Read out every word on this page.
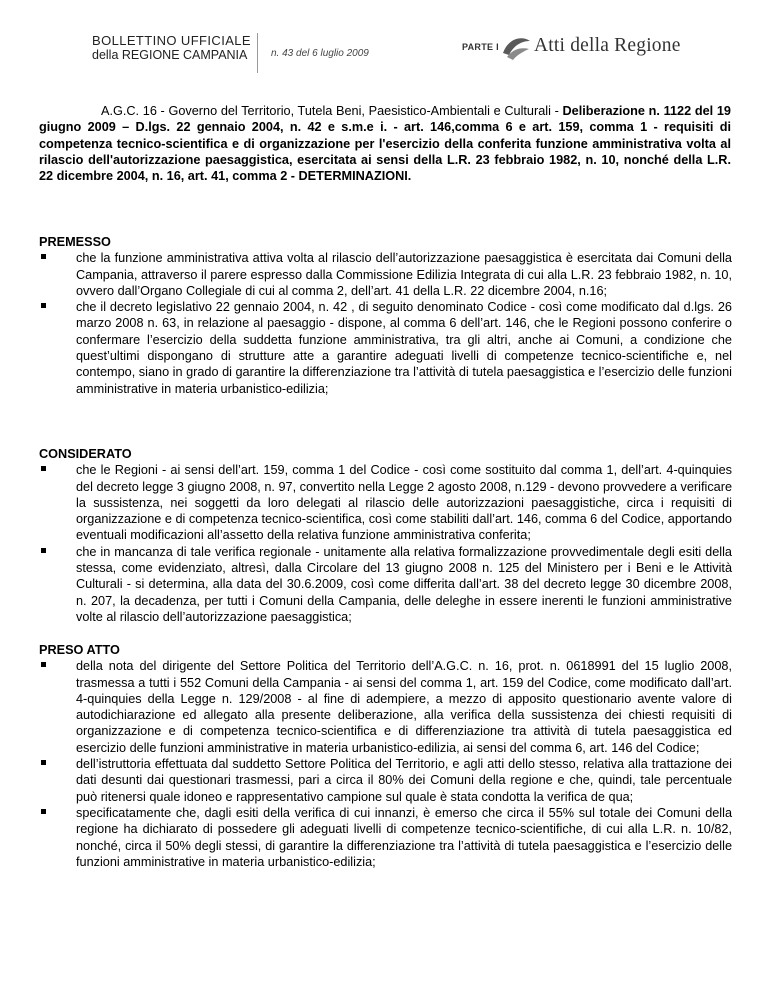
BOLLETTINO UFFICIALE
della REGIONE CAMPANIA	n. 43 del 6 luglio 2009
PARTE I Atti della Regione
A.G.C. 16 - Governo del Territorio, Tutela Beni, Paesistico-Ambientali e Culturali - Deliberazione n. 1122 del 19 giugno 2009 – D.lgs. 22 gennaio 2004, n. 42 e s.m.e i. - art. 146,comma 6 e art. 159, comma 1 - requisiti di competenza tecnico-scientifica e di organizzazione per l'esercizio della conferita funzione amministrativa volta al rilascio dell'autorizzazione paesaggistica, esercitata ai sensi della L.R. 23 febbraio 1982, n. 10, nonché della L.R. 22 dicembre 2004, n. 16, art. 41, comma 2 - DETERMINAZIONI.
PREMESSO
che la funzione amministrativa attiva volta al rilascio dell’autorizzazione paesaggistica è esercitata dai Comuni della Campania, attraverso il parere espresso dalla Commissione Edilizia Integrata di cui alla L.R. 23 febbraio 1982, n. 10, ovvero dall’Organo Collegiale di cui al comma 2, dell’art. 41 della L.R. 22 dicembre 2004, n.16;
che il decreto legislativo 22 gennaio 2004, n. 42 , di seguito denominato Codice - così come modificato dal d.lgs. 26 marzo 2008 n. 63, in relazione al paesaggio - dispone, al comma 6 dell’art. 146, che le Regioni possono conferire o confermare l’esercizio della suddetta funzione amministrativa, tra gli altri, anche ai Comuni, a condizione che quest’ultimi dispongano di strutture atte a garantire adeguati livelli di competenze tecnico-scientifiche e, nel contempo, siano in grado di garantire la differenziazione tra l’attività di tutela paesaggistica e l’esercizio delle funzioni amministrative in materia urbanistico-edilizia;
CONSIDERATO
che le Regioni - ai sensi dell’art. 159, comma 1 del Codice - così come sostituito dal comma 1, dell’art. 4-quinquies del decreto legge 3 giugno 2008, n. 97, convertito nella Legge 2 agosto 2008, n.129 - devono provvedere a verificare la sussistenza, nei soggetti da loro delegati al rilascio delle autorizzazioni paesaggistiche, circa i requisiti di organizzazione e di competenza tecnico-scientifica, così come stabiliti dall’art. 146, comma 6 del Codice, apportando eventuali modificazioni all’assetto della relativa funzione amministrativa conferita;
che in mancanza di tale verifica regionale - unitamente alla relativa formalizzazione provvedimentale degli esiti della stessa, come evidenziato, altresì, dalla Circolare del 13 giugno 2008 n. 125 del Ministero per i Beni e le Attività Culturali - si determina, alla data del 30.6.2009, così come differita dall’art. 38 del decreto legge 30 dicembre 2008, n. 207, la decadenza, per tutti i Comuni della Campania, delle deleghe in essere inerenti le funzioni amministrative volte al rilascio dell’autorizzazione paesaggistica;
PRESO ATTO
della nota del dirigente del Settore Politica del Territorio dell’A.G.C. n. 16, prot. n. 0618991 del 15 luglio 2008, trasmessa a tutti i 552 Comuni della Campania - ai sensi del comma 1, art. 159 del Codice, come modificato dall’art. 4-quinquies della Legge n. 129/2008 - al fine di adempiere, a mezzo di apposito questionario avente valore di autodichiarazione ed allegato alla presente deliberazione, alla verifica della sussistenza dei chiesti requisiti di organizzazione e di competenza tecnico-scientifica e di differenziazione tra attività di tutela paesaggistica ed esercizio delle funzioni amministrative in materia urbanistico-edilizia, ai sensi del comma 6, art. 146 del Codice;
dell’istruttoria effettuata dal suddetto Settore Politica del Territorio, e agli atti dello stesso, relativa alla trattazione dei dati desunti dai questionari trasmessi, pari a circa il 80% dei Comuni della regione e che, quindi, tale percentuale può ritenersi quale idoneo e rappresentativo campione sul quale è stata condotta la verifica de qua;
specificatamente che, dagli esiti della verifica di cui innanzi, è emerso che circa il 55% sul totale dei Comuni della regione ha dichiarato di possedere gli adeguati livelli di competenze tecnico-scientifiche, di cui alla L.R. n. 10/82, nonché, circa il 50% degli stessi, di garantire la differenziazione tra l’attività di tutela paesaggistica e l’esercizio delle funzioni amministrative in materia urbanistico-edilizia;
